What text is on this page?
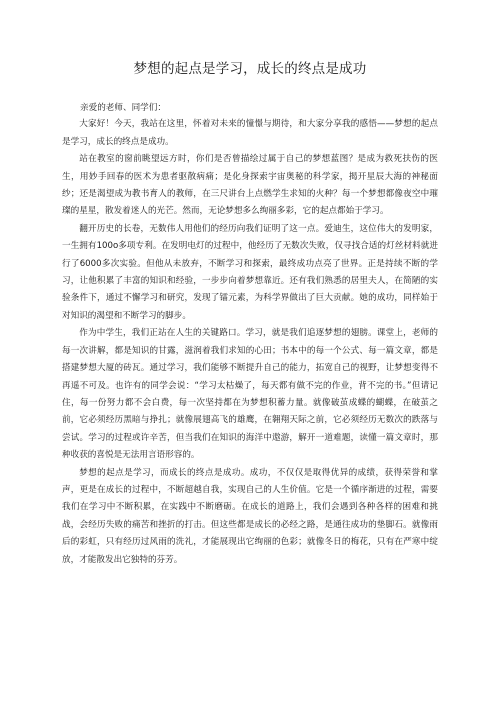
梦想的起点是学习，成长的终点是成功

亲爱的老师、同学们：

大家好！今天，我站在这里，怀着对未来的憧憬与期待，和大家分享我的感悟——梦想的起点是学习，成长的终点是成功。

站在教室的窗前眺望远方时，你们是否曾描绘过属于自己的梦想蓝图？是成为救死扶伤的医生，用妙手回春的医术为患者驱散病痛；是化身探索宇宙奥秘的科学家，揭开星辰大海的神秘面纱；还是渴望成为教书育人的教师，在三尺讲台上点燃学生求知的火种？每一个梦想都像夜空中璀璨的星星，散发着迷人的光芒。然而，无论梦想多么绚丽多彩，它的起点都始于学习。

翻开历史的长卷，无数伟人用他们的经历向我们证明了这一点。爱迪生，这位伟大的发明家，一生拥有100o多项专利。在发明电灯的过程中，他经历了无数次失败，仅寻找合适的灯丝材料就进行了6000多次实验。但他从未放弃，不断学习和探索，最终成功点亮了世界。正是持续不断的学习，让他积累了丰富的知识和经验，一步步向着梦想靠近。还有我们熟悉的居里夫人，在简陋的实验条件下，通过不懈学习和研究，发现了镭元素，为科学界做出了巨大贡献。她的成功，同样始于对知识的渴望和不断学习的脚步。

作为中学生，我们正站在人生的关键路口。学习，就是我们追逐梦想的翅膀。课堂上，老师的每一次讲解，都是知识的甘露，滋润着我们求知的心田；书本中的每一个公式、每一篇文章，都是搭建梦想大厦的砖瓦。通过学习，我们能够不断提升自己的能力，拓宽自己的视野，让梦想变得不再遥不可及。也许有的同学会说：“学习太枯燥了，每天都有做不完的作业，背不完的书。”但请记住，每一份努力都不会白费，每一次坚持都在为梦想积蓄力量。就像破茧成蝶的蝴蝶，在破茧之前，它必须经历黑暗与挣扎；就像展翅高飞的雄鹰，在翱翔天际之前，它必须经历无数次的跌落与尝试。学习的过程或许辛苦，但当我们在知识的海洋中遨游，解开一道难题，读懂一篇文章时，那种收获的喜悦是无法用言语形容的。

梦想的起点是学习，而成长的终点是成功。成功，不仅仅是取得优异的成绩，获得荣誉和掌声，更是在成长的过程中，不断超越自我，实现自己的人生价值。它是一个循序渐进的过程，需要我们在学习中不断积累，在实践中不断磨砺。在成长的道路上，我们会遇到各种各样的困难和挑战，会经历失败的痛苦和挫折的打击。但这些都是成长的必经之路，是通往成功的垫脚石。就像雨后的彩虹，只有经历过风雨的洗礼，才能展现出它绚丽的色彩；就像冬日的梅花，只有在严寒中绽放，才能散发出它独特的芬芳。
